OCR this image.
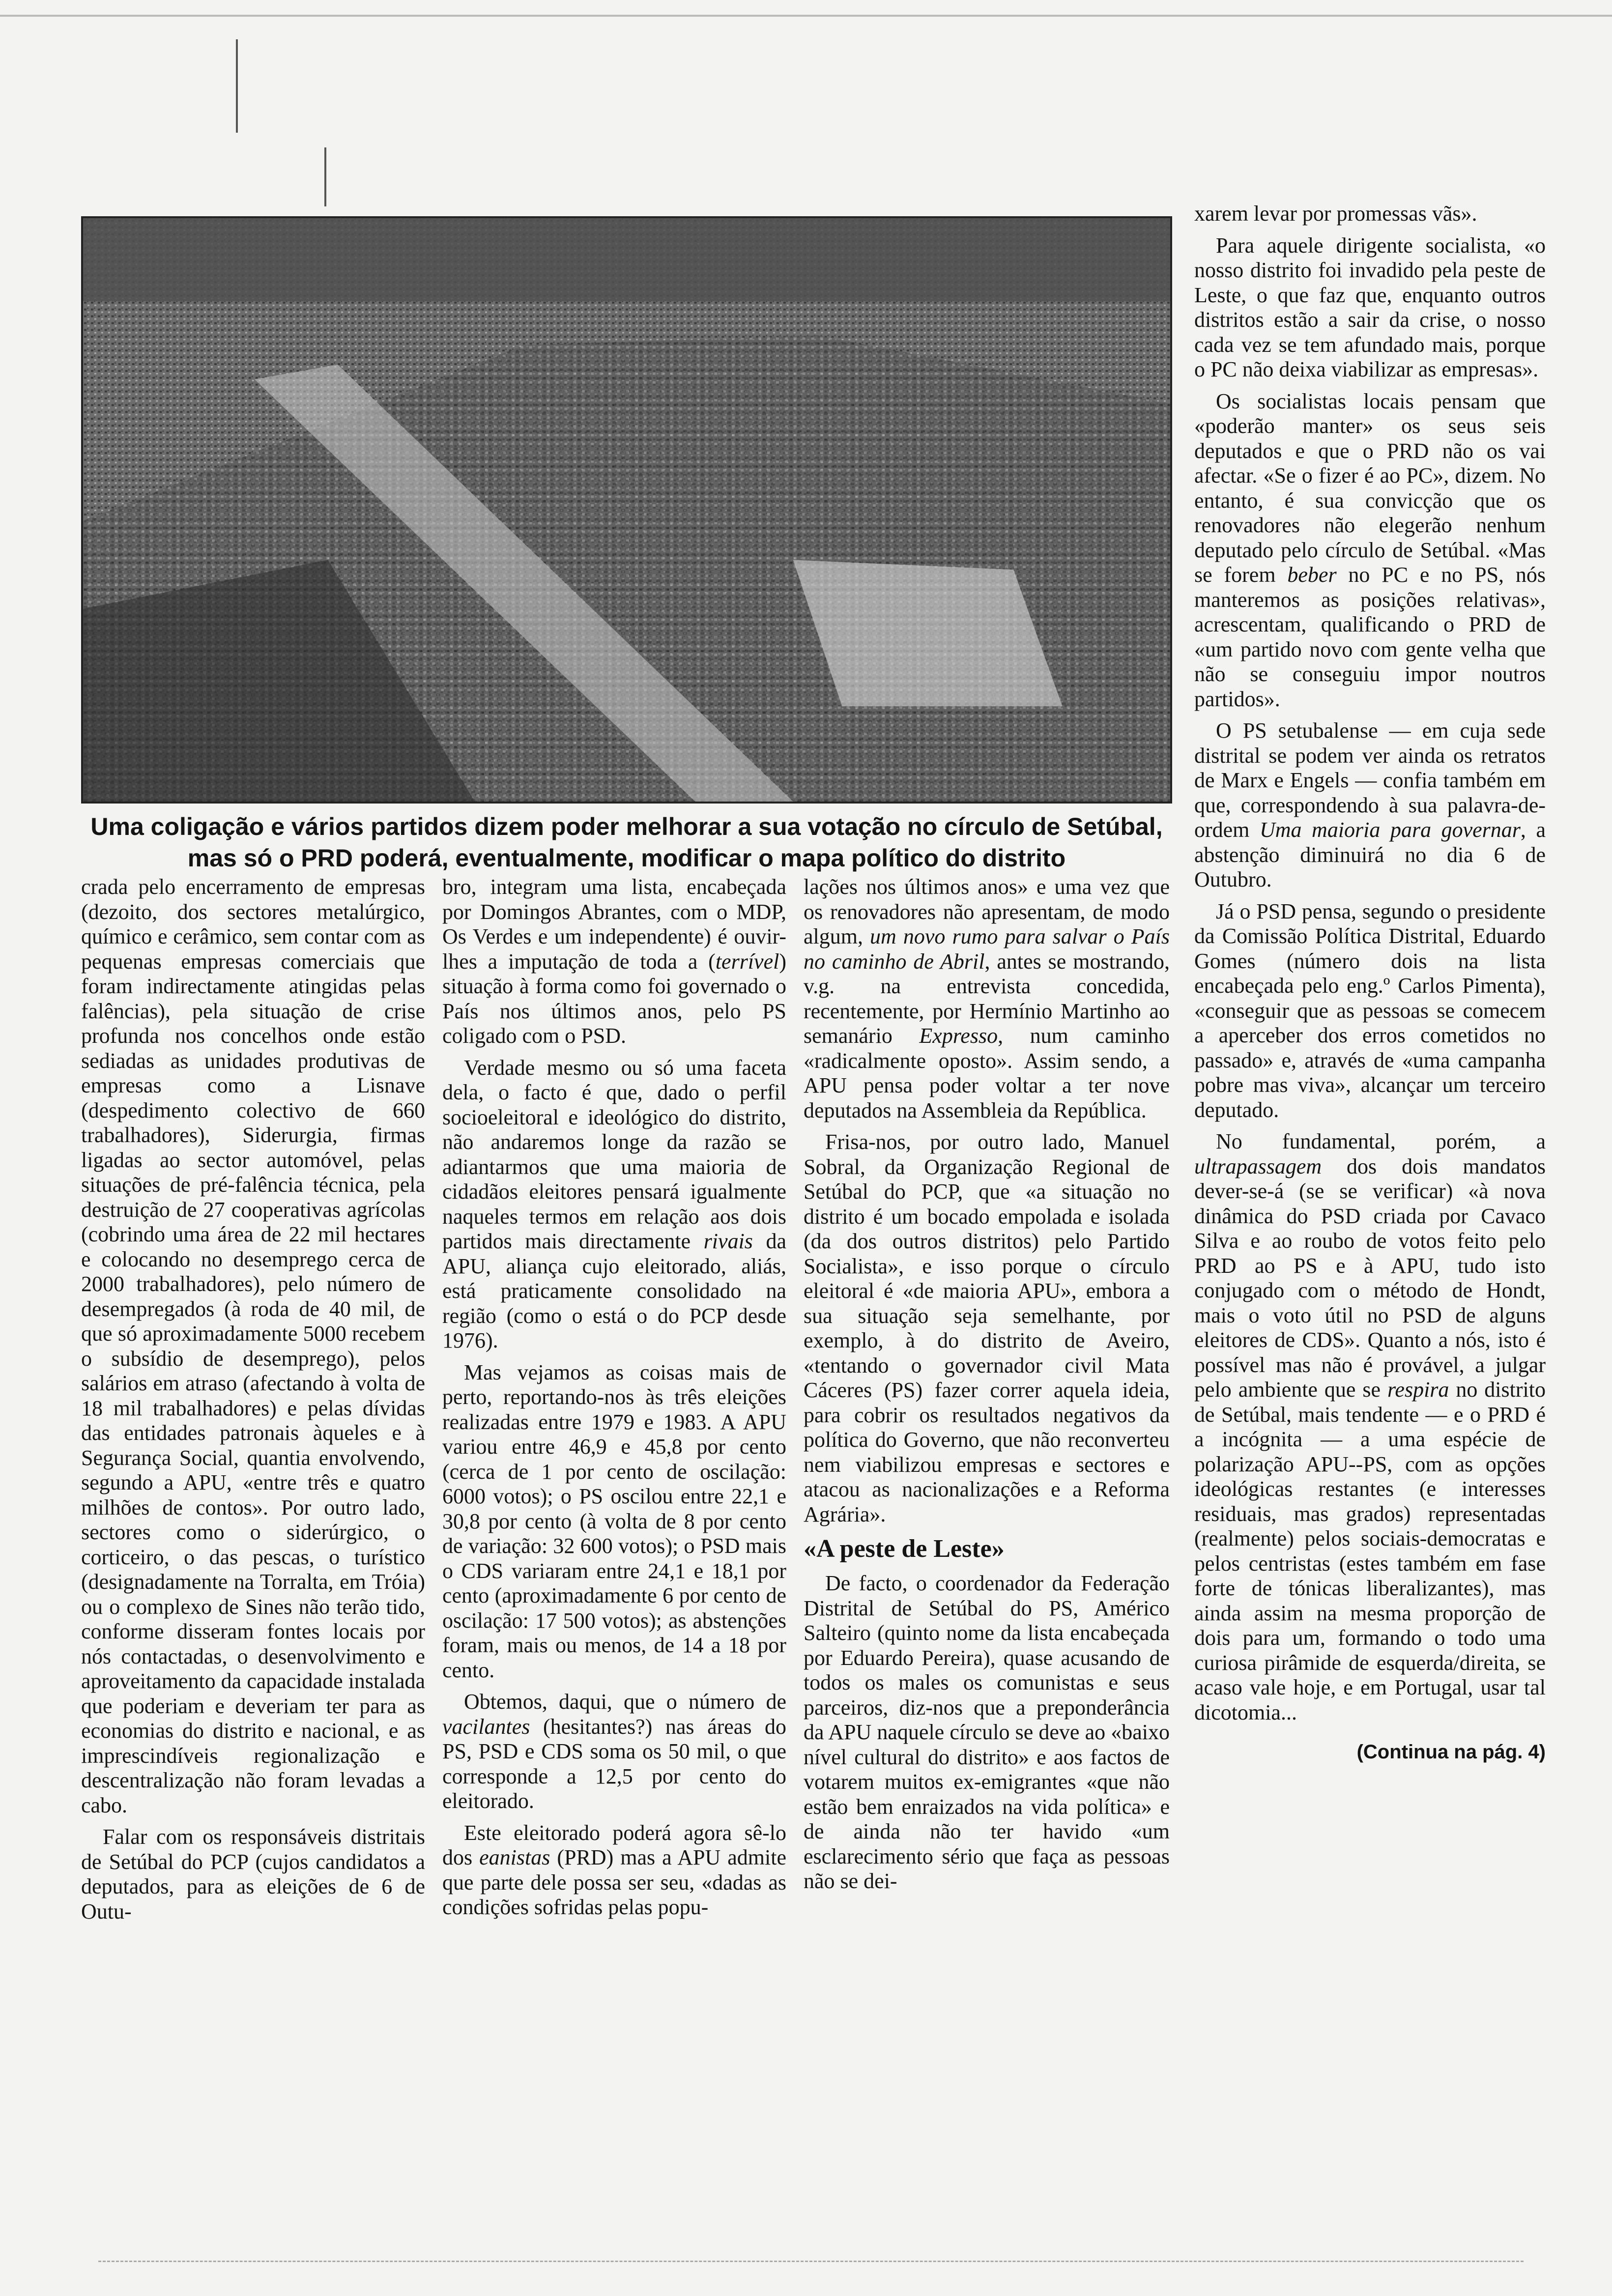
Uma coligação e vários partidos dizem poder melhorar a sua votação no círculo de Setúbal,
mas só o PRD poderá, eventualmente, modificar o mapa político do distrito

crada pelo encerramento de empresas (dezoito, dos sectores metalúrgico, químico e cerâmico, sem contar com as pequenas empresas comerciais que foram indirectamente atingidas pelas falências), pela situação de crise profunda nos concelhos onde estão sediadas as unidades produtivas de empresas como a Lisnave (despedimento colectivo de 660 trabalhadores), Siderurgia, firmas ligadas ao sector automóvel, pelas situações de pré-falência técnica, pela destruição de 27 cooperativas agrícolas (cobrindo uma área de 22 mil hectares e colocando no desemprego cerca de 2000 trabalhadores), pelo número de desempregados (à roda de 40 mil, de que só aproximadamente 5000 recebem o subsídio de desemprego), pelos salários em atraso (afectando à volta de 18 mil trabalhadores) e pelas dívidas das entidades patronais àqueles e à Segurança Social, quantia envolvendo, segundo a APU, «entre três e quatro milhões de contos». Por outro lado, sectores como o siderúrgico, o corticeiro, o das pescas, o turístico (designadamente na Torralta, em Tróia) ou o complexo de Sines não terão tido, conforme disseram fontes locais por nós contactadas, o desenvolvimento e aproveitamento da capacidade instalada que poderiam e deveriam ter para as economias do distrito e nacional, e as imprescindíveis regionalização e descentralização não foram levadas a cabo.

Falar com os responsáveis distritais de Setúbal do PCP (cujos candidatos a deputados, para as eleições de 6 de Outu-

bro, integram uma lista, encabeçada por Domingos Abrantes, com o MDP, Os Verdes e um independente) é ouvir-lhes a imputação de toda a (terrível) situação à forma como foi governado o País nos últimos anos, pelo PS coligado com o PSD.

Verdade mesmo ou só uma faceta dela, o facto é que, dado o perfil socioeleitoral e ideológico do distrito, não andaremos longe da razão se adiantarmos que uma maioria de cidadãos eleitores pensará igualmente naqueles termos em relação aos dois partidos mais directamente rivais da APU, aliança cujo eleitorado, aliás, está praticamente consolidado na região (como o está o do PCP desde 1976).

Mas vejamos as coisas mais de perto, reportando-nos às três eleições realizadas entre 1979 e 1983. A APU variou entre 46,9 e 45,8 por cento (cerca de 1 por cento de oscilação: 6000 votos); o PS oscilou entre 22,1 e 30,8 por cento (à volta de 8 por cento de variação: 32 600 votos); o PSD mais o CDS variaram entre 24,1 e 18,1 por cento (aproximadamente 6 por cento de oscilação: 17 500 votos); as abstenções foram, mais ou menos, de 14 a 18 por cento.

Obtemos, daqui, que o número de vacilantes (hesitantes?) nas áreas do PS, PSD e CDS soma os 50 mil, o que corresponde a 12,5 por cento do eleitorado.

Este eleitorado poderá agora sê-lo dos eanistas (PRD) mas a APU admite que parte dele possa ser seu, «dadas as condições sofridas pelas popu-

lações nos últimos anos» e uma vez que os renovadores não apresentam, de modo algum, um novo rumo para salvar o País no caminho de Abril, antes se mostrando, v.g. na entrevista concedida, recentemente, por Hermínio Martinho ao semanário Expresso, num caminho «radicalmente oposto». Assim sendo, a APU pensa poder voltar a ter nove deputados na Assembleia da República.

Frisa-nos, por outro lado, Manuel Sobral, da Organização Regional de Setúbal do PCP, que «a situação no distrito é um bocado empolada e isolada (da dos outros distritos) pelo Partido Socialista», e isso porque o círculo eleitoral é «de maioria APU», embora a sua situação seja semelhante, por exemplo, à do distrito de Aveiro, «tentando o governador civil Mata Cáceres (PS) fazer correr aquela ideia, para cobrir os resultados negativos da política do Governo, que não reconverteu nem viabilizou empresas e sectores e atacou as nacionalizações e a Reforma Agrária».

«A peste de Leste»

De facto, o coordenador da Federação Distrital de Setúbal do PS, Américo Salteiro (quinto nome da lista encabeçada por Eduardo Pereira), quase acusando de todos os males os comunistas e seus parceiros, diz-nos que a preponderância da APU naquele círculo se deve ao «baixo nível cultural do distrito» e aos factos de votarem muitos ex-emigrantes «que não estão bem enraizados na vida política» e de ainda não ter havido «um esclarecimento sério que faça as pessoas não se dei-

xarem levar por promessas vãs».

Para aquele dirigente socialista, «o nosso distrito foi invadido pela peste de Leste, o que faz que, enquanto outros distritos estão a sair da crise, o nosso cada vez se tem afundado mais, porque o PC não deixa viabilizar as empresas».

Os socialistas locais pensam que «poderão manter» os seus seis deputados e que o PRD não os vai afectar. «Se o fizer é ao PC», dizem. No entanto, é sua convicção que os renovadores não elegerão nenhum deputado pelo círculo de Setúbal. «Mas se forem beber no PC e no PS, nós manteremos as posições relativas», acrescentam, qualificando o PRD de «um partido novo com gente velha que não se conseguiu impor noutros partidos».

O PS setubalense — em cuja sede distrital se podem ver ainda os retratos de Marx e Engels — confia também em que, correspondendo à sua palavra-de-ordem Uma maioria para governar, a abstenção diminuirá no dia 6 de Outubro.

Já o PSD pensa, segundo o presidente da Comissão Política Distrital, Eduardo Gomes (número dois na lista encabeçada pelo eng.º Carlos Pimenta), «conseguir que as pessoas se comecem a aperceber dos erros cometidos no passado» e, através de «uma campanha pobre mas viva», alcançar um terceiro deputado.

No fundamental, porém, a ultrapassagem dos dois mandatos dever-se-á (se se verificar) «à nova dinâmica do PSD criada por Cavaco Silva e ao roubo de votos feito pelo PRD ao PS e à APU, tudo isto conjugado com o método de Hondt, mais o voto útil no PSD de alguns eleitores de CDS». Quanto a nós, isto é possível mas não é provável, a julgar pelo ambiente que se respira no distrito de Setúbal, mais tendente — e o PRD é a incógnita — a uma espécie de polarização APU--PS, com as opções ideológicas restantes (e interesses residuais, mas grados) representadas (realmente) pelos sociais-democratas e pelos centristas (estes também em fase forte de tónicas liberalizantes), mas ainda assim na mesma proporção de dois para um, formando o todo uma curiosa pirâmide de esquerda/direita, se acaso vale hoje, e em Portugal, usar tal dicotomia...

(Continua na pág. 4)
